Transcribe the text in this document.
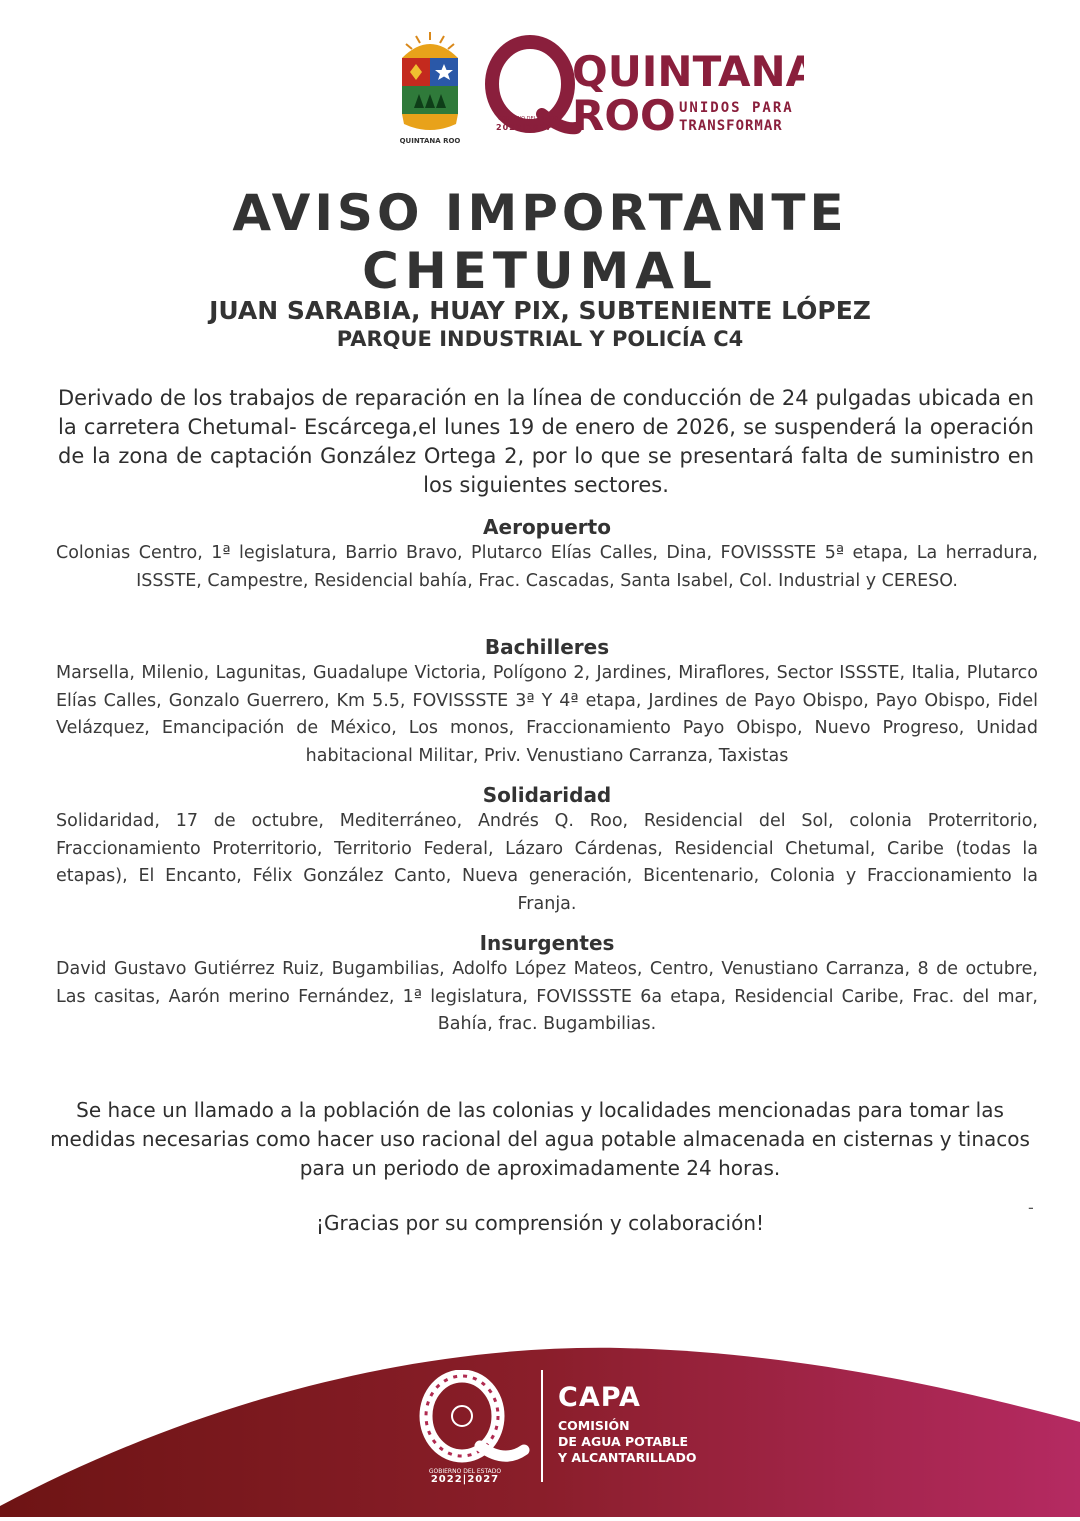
QUINTANA ROO
QUINTANA
ROO UNIDOS PARA
TRANSFORMAR
GOBIERNO DEL ESTADO
2022|2027
AVISO IMPORTANTE
CHETUMAL
JUAN SARABIA, HUAY PIX, SUBTENIENTE LÓPEZ
PARQUE INDUSTRIAL Y POLICÍA C4
Derivado de los trabajos de reparación en la línea de conducción de 24 pulgadas ubicada en la carretera Chetumal- Escárcega,el lunes 19 de enero de 2026, se suspenderá la operación de la zona de captación González Ortega 2, por lo que se presentará falta de suministro en los siguientes sectores.
Aeropuerto
Colonias Centro, 1ª legislatura, Barrio Bravo, Plutarco Elías Calles, Dina, FOVISSSTE 5ª etapa, La herradura, ISSSTE, Campestre, Residencial bahía, Frac. Cascadas, Santa Isabel, Col. Industrial y CERESO.
Bachilleres
Marsella, Milenio, Lagunitas, Guadalupe Victoria, Polígono 2, Jardines, Miraflores, Sector ISSSTE, Italia, Plutarco Elías Calles, Gonzalo Guerrero, Km 5.5, FOVISSSTE 3ª Y 4ª etapa, Jardines de Payo Obispo, Payo Obispo, Fidel Velázquez, Emancipación de México, Los monos, Fraccionamiento Payo Obispo, Nuevo Progreso, Unidad habitacional Militar, Priv. Venustiano Carranza, Taxistas
Solidaridad
Solidaridad, 17 de octubre, Mediterráneo, Andrés Q. Roo, Residencial del Sol, colonia Proterritorio, Fraccionamiento Proterritorio, Territorio Federal, Lázaro Cárdenas, Residencial Chetumal, Caribe (todas la etapas), El Encanto, Félix González Canto, Nueva generación, Bicentenario, Colonia y Fraccionamiento la Franja.
Insurgentes
David Gustavo Gutiérrez Ruiz, Bugambilias, Adolfo López Mateos, Centro, Venustiano Carranza, 8 de octubre, Las casitas, Aarón merino Fernández, 1ª legislatura, FOVISSSTE 6a etapa, Residencial Caribe, Frac. del mar, Bahía, frac. Bugambilias.
Se hace un llamado a la población de las colonias y localidades mencionadas para tomar las medidas necesarias como hacer uso racional del agua potable almacenada en cisternas y tinacos para un periodo de aproximadamente 24 horas.
-
¡Gracias por su comprensión y colaboración!
GOBIERNO DEL ESTADO
2022|2027
CAPA
COMISIÓN
DE AGUA POTABLE
Y ALCANTARILLADO
